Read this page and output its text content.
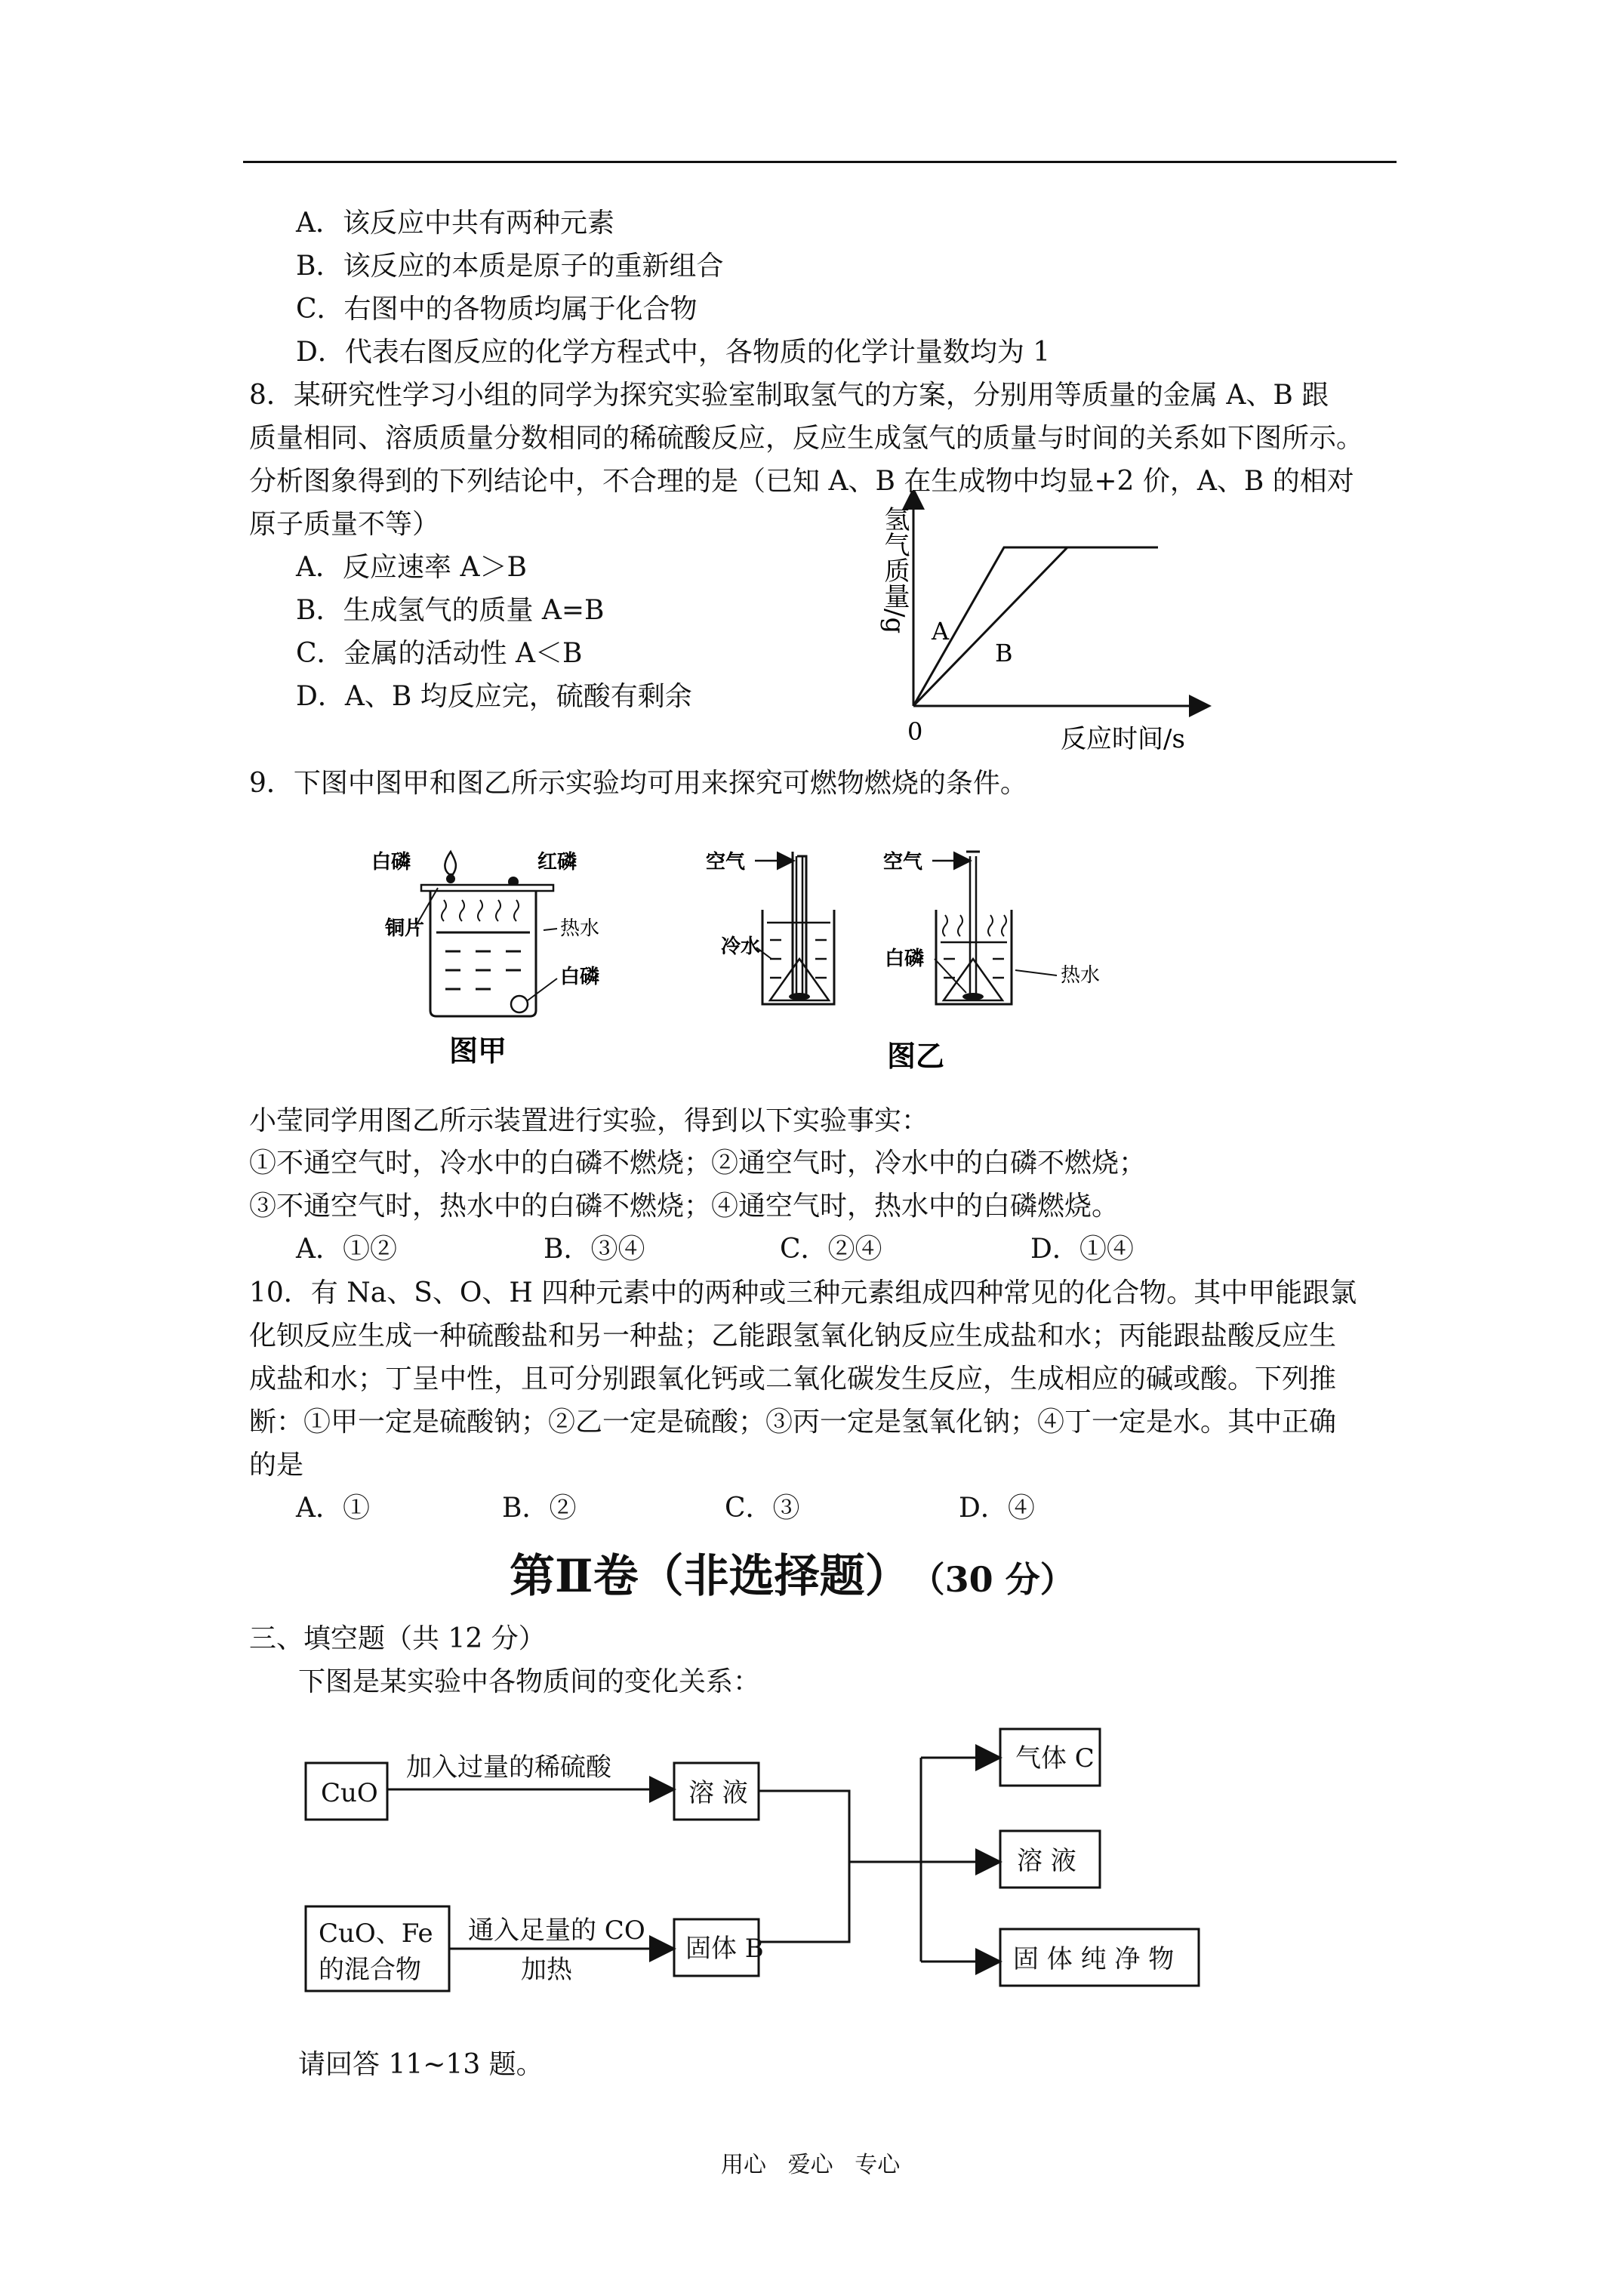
A．该反应中共有两种元素
B．该反应的本质是原子的重新组合
C．右图中的各物质均属于化合物
D．代表右图反应的化学方程式中，各物质的化学计量数均为 1
8．某研究性学习小组的同学为探究实验室制取氢气的方案，分别用等质量的金属 A、B 跟
质量相同、溶质质量分数相同的稀硫酸反应，反应生成氢气的质量与时间的关系如下图所示。
分析图象得到的下列结论中，不合理的是（已知 A、B 在生成物中均显+2 价，A、B 的相对
原子质量不等）
A．反应速率 A＞B
B．生成氢气的质量 A=B
C．金属的活动性 A＜B
D．A、B 均反应完，硫酸有剩余
氢气质量/g
0	反应时间/s
A
B
9．下图中图甲和图乙所示实验均可用来探究可燃物燃烧的条件。
白磷	红磷
铜片	热水
白磷
图甲
空气	空气
冷水
白磷
热水
图乙
小莹同学用图乙所示装置进行实验，得到以下实验事实：
①不通空气时，冷水中的白磷不燃烧；②通空气时，冷水中的白磷不燃烧；
③不通空气时，热水中的白磷不燃烧；④通空气时，热水中的白磷燃烧。
A．①②	B．③④	C．②④	D．①④
10．有 Na、S、O、H 四种元素中的两种或三种元素组成四种常见的化合物。其中甲能跟氯
化钡反应生成一种硫酸盐和另一种盐；乙能跟氢氧化钠反应生成盐和水；丙能跟盐酸反应生
成盐和水；丁呈中性，且可分别跟氧化钙或二氧化碳发生反应，生成相应的碱或酸。下列推
断：①甲一定是硫酸钠；②乙一定是硫酸；③丙一定是氢氧化钠；④丁一定是水。其中正确
的是
A．①	B．②	C．③	D．④
第Ⅱ卷（非选择题） （30 分）
三、填空题（共 12 分）
下图是某实验中各物质间的变化关系：
CuO
加入过量的稀硫酸
溶 液
CuO、Fe
的混合物
通入足量的 CO
加热
固体 B
气体 C
溶 液
固 体 纯 净 物
请回答 11~13 题。
用心   爱心   专心
